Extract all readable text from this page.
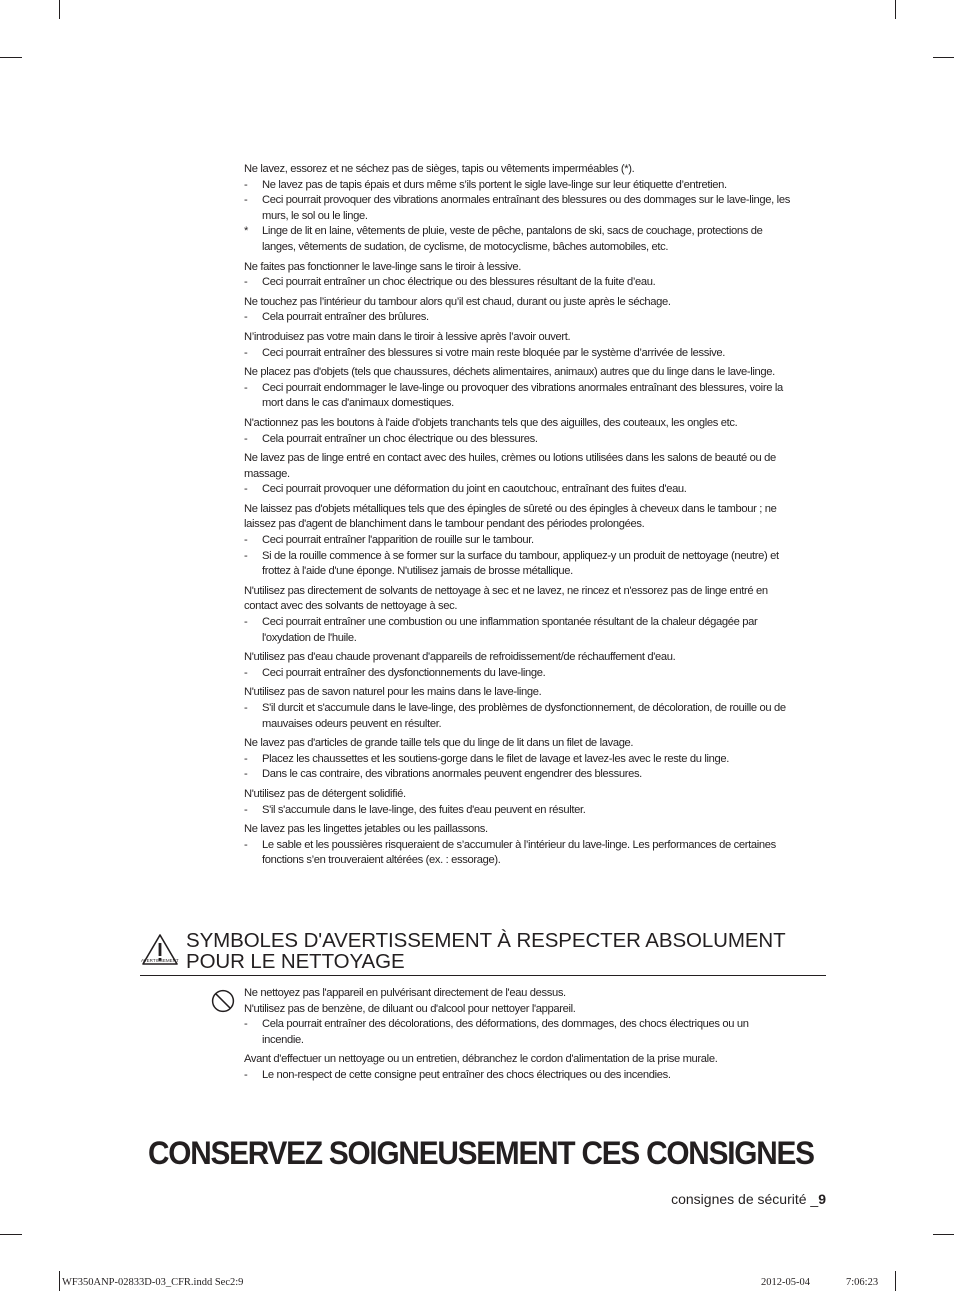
Ne lavez, essorez et ne séchez pas de sièges, tapis ou vêtements imperméables (*).
-	Ne lavez pas de tapis épais et durs même s’ils portent le sigle lave-linge sur leur étiquette d’entretien.
-	Ceci pourrait provoquer des vibrations anormales entraînant des blessures ou des dommages sur le lave-linge, les
murs, le sol ou le linge.
*	Linge de lit en laine, vêtements de pluie, veste de pêche, pantalons de ski, sacs de couchage, protections de
langes, vêtements de sudation, de cyclisme, de motocyclisme, bâches automobiles, etc.
Ne faites pas fonctionner le lave-linge sans le tiroir à lessive.
-	Ceci pourrait entraîner un choc électrique ou des blessures résultant de la fuite d’eau.
Ne touchez pas l’intérieur du tambour alors qu’il est chaud, durant ou juste après le séchage.
-	Cela pourrait entraîner des brûlures.
N’introduisez pas votre main dans le tiroir à lessive après l’avoir ouvert.
-	Ceci pourrait entraîner des blessures si votre main reste bloquée par le système d’arrivée de lessive.
Ne placez pas d'objets (tels que chaussures, déchets alimentaires, animaux) autres que du linge dans le lave-linge.
-	Ceci pourrait endommager le lave-linge ou provoquer des vibrations anormales entraînant des blessures, voire la
mort dans le cas d'animaux domestiques.
N'actionnez pas les boutons à l'aide d'objets tranchants tels que des aiguilles, des couteaux, les ongles etc.
-	Cela pourrait entraîner un choc électrique ou des blessures.
Ne lavez pas de linge entré en contact avec des huiles, crèmes ou lotions utilisées dans les salons de beauté ou de
massage.
-	Ceci pourrait provoquer une déformation du joint en caoutchouc, entraînant des fuites d'eau.
Ne laissez pas d'objets métalliques tels que des épingles de sûreté ou des épingles à cheveux dans le tambour ; ne
laissez pas d'agent de blanchiment dans le tambour pendant des périodes prolongées.
-	Ceci pourrait entraîner l'apparition de rouille sur le tambour.
-	Si de la rouille commence à se former sur la surface du tambour, appliquez-y un produit de nettoyage (neutre) et
frottez à l'aide d'une éponge. N'utilisez jamais de brosse métallique.
N'utilisez pas directement de solvants de nettoyage à sec et ne lavez, ne rincez et n'essorez pas de linge entré en
contact avec des solvants de nettoyage à sec.
-	Ceci pourrait entraîner une combustion ou une inflammation spontanée résultant de la chaleur dégagée par
l'oxydation de l'huile.
N'utilisez pas d'eau chaude provenant d'appareils de refroidissement/de réchauffement d'eau.
-	Ceci pourrait entraîner des dysfonctionnements du lave-linge.
N'utilisez pas de savon naturel pour les mains dans le lave-linge.
-	S'il durcit et s'accumule dans le lave-linge, des problèmes de dysfonctionnement, de décoloration, de rouille ou de
mauvaises odeurs peuvent en résulter.
Ne lavez pas d'articles de grande taille tels que du linge de lit dans un filet de lavage.
-	Placez les chaussettes et les soutiens-gorge dans le filet de lavage et lavez-les avec le reste du linge.
-	Dans le cas contraire, des vibrations anormales peuvent engendrer des blessures.
N'utilisez pas de détergent solidifié.
-	S'il s'accumule dans le lave-linge, des fuites d'eau peuvent en résulter.
Ne lavez pas les lingettes jetables ou les paillassons.
-	Le sable et les poussières risqueraient de s’accumuler à l’intérieur du lave-linge. Les performances de certaines
fonctions s’en trouveraient altérées (ex. : essorage).
AVERTISSEMENT
SYMBOLES D'AVERTISSEMENT À RESPECTER ABSOLUMENT
POUR LE NETTOYAGE
Ne nettoyez pas l'appareil en pulvérisant directement de l'eau dessus.
N'utilisez pas de benzène, de diluant ou d'alcool pour nettoyer l'appareil.
-	Cela pourrait entraîner des décolorations, des déformations, des dommages, des chocs électriques ou un
incendie.
Avant d'effectuer un nettoyage ou un entretien, débranchez le cordon d'alimentation de la prise murale.
-	Le non-respect de cette consigne peut entraîner des chocs électriques ou des incendies.
CONSERVEZ SOIGNEUSEMENT CES CONSIGNES
consignes de sécurité _9
WF350ANP-02833D-03_CFR.indd Sec2:9	2012-05-04	7:06:23
